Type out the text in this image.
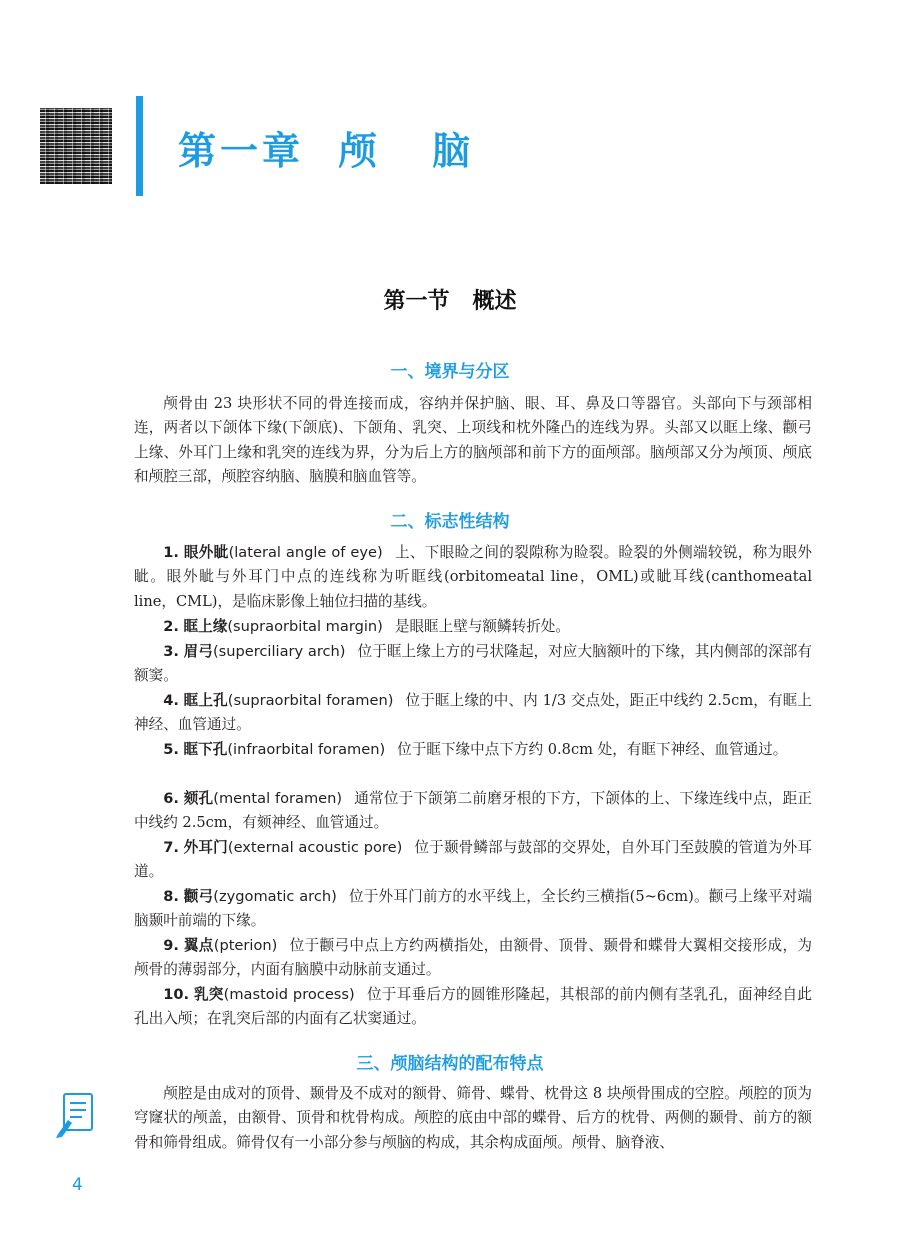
第一章  颅   脑
第一节   概述
一、境界与分区

颅骨由 23 块形状不同的骨连接而成，容纳并保护脑、眼、耳、鼻及口等器官。头部向下与颈部相连，两者以下颌体下缘(下颌底)、下颌角、乳突、上项线和枕外隆凸的连线为界。头部又以眶上缘、颧弓上缘、外耳门上缘和乳突的连线为界，分为后上方的脑颅部和前下方的面颅部。脑颅部又分为颅顶、颅底和颅腔三部，颅腔容纳脑、脑膜和脑血管等。

二、标志性结构

1. 眼外眦(lateral angle of eye) 上、下眼睑之间的裂隙称为睑裂。睑裂的外侧端较锐，称为眼外眦。眼外眦与外耳门中点的连线称为听眶线(orbitomeatal line，OML)或眦耳线(canthomeatal line，CML)，是临床影像上轴位扫描的基线。

2. 眶上缘(supraorbital margin) 是眼眶上壁与额鳞转折处。

3. 眉弓(superciliary arch) 位于眶上缘上方的弓状隆起，对应大脑额叶的下缘，其内侧部的深部有额窦。

4. 眶上孔(supraorbital foramen) 位于眶上缘的中、内 1/3 交点处，距正中线约 2.5cm，有眶上神经、血管通过。

5. 眶下孔(infraorbital foramen) 位于眶下缘中点下方约 0.8cm 处，有眶下神经、血管通过。

6. 颏孔(mental foramen) 通常位于下颌第二前磨牙根的下方，下颌体的上、下缘连线中点，距正中线约 2.5cm，有颏神经、血管通过。

7. 外耳门(external acoustic pore) 位于颞骨鳞部与鼓部的交界处，自外耳门至鼓膜的管道为外耳道。

8. 颧弓(zygomatic arch) 位于外耳门前方的水平线上，全长约三横指(5~6cm)。颧弓上缘平对端脑颞叶前端的下缘。

9. 翼点(pterion) 位于颧弓中点上方约两横指处，由额骨、顶骨、颞骨和蝶骨大翼相交接形成，为颅骨的薄弱部分，内面有脑膜中动脉前支通过。

10. 乳突(mastoid process) 位于耳垂后方的圆锥形隆起，其根部的前内侧有茎乳孔，面神经自此孔出入颅；在乳突后部的内面有乙状窦通过。

三、颅脑结构的配布特点

颅腔是由成对的顶骨、颞骨及不成对的额骨、筛骨、蝶骨、枕骨这 8 块颅骨围成的空腔。颅腔的顶为穹窿状的颅盖，由额骨、顶骨和枕骨构成。颅腔的底由中部的蝶骨、后方的枕骨、两侧的颞骨、前方的额骨和筛骨组成。筛骨仅有一小部分参与颅脑的构成，其余构成面颅。颅骨、脑脊液、

4
